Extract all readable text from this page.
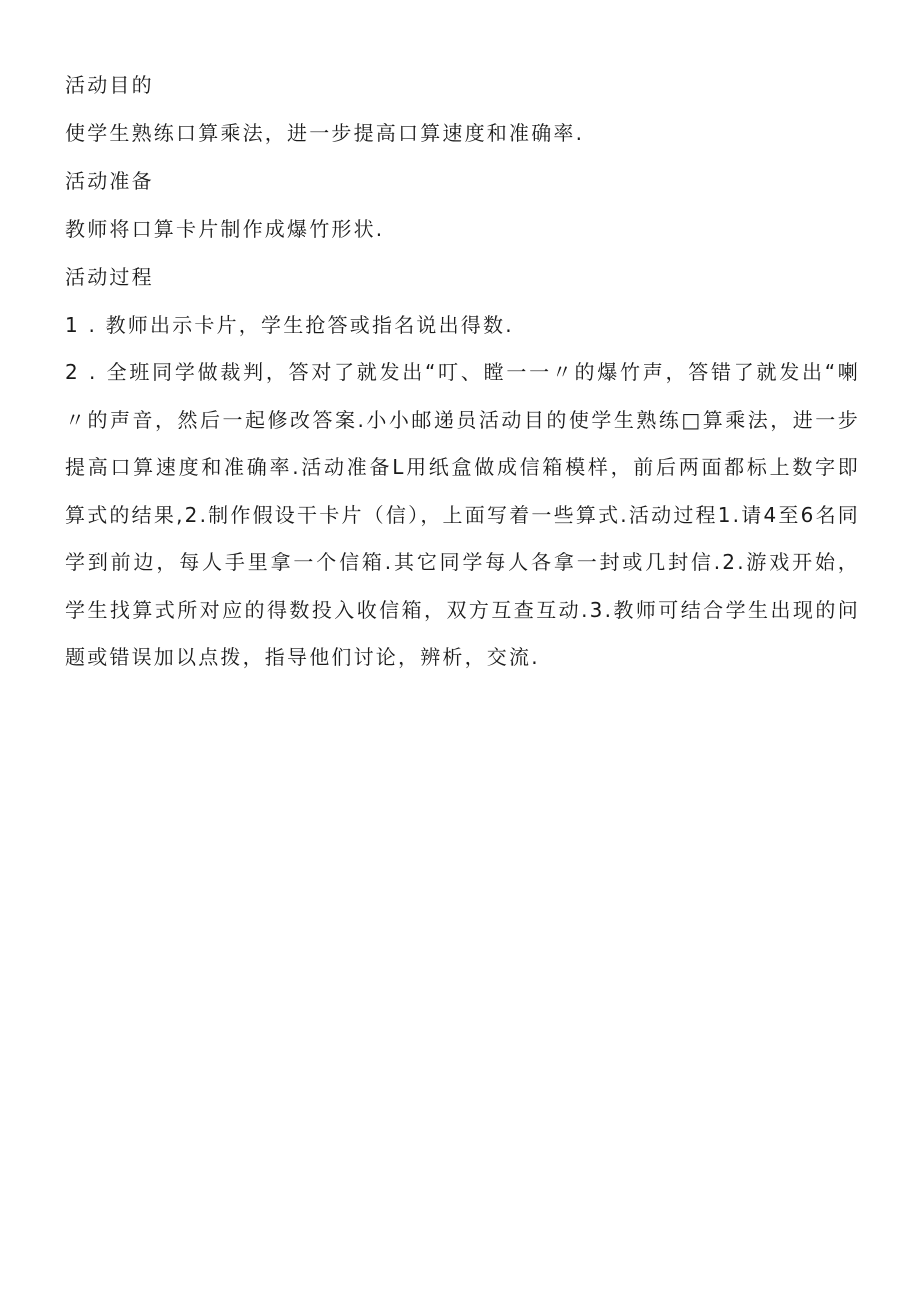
活动目的
使学生熟练口算乘法，进一步提高口算速度和准确率.
活动准备
教师将口算卡片制作成爆竹形状.
活动过程
1 . 教师出示卡片，学生抢答或指名说出得数.

2 . 全班同学做裁判，答对了就发出“叮、瞠一一〃的爆竹声，答错了就发出“喇〃的声音，然后一起修改答案.小小邮递员活动目的使学生熟练□算乘法，进一步提高口算速度和准确率.活动准备L用纸盒做成信箱模样，前后两面都标上数字即算式的结果,2.制作假设干卡片（信），上面写着一些算式.活动过程1.请4至6名同学到前边，每人手里拿一个信箱.其它同学每人各拿一封或几封信.2.游戏开始，学生找算式所对应的得数投入收信箱，双方互查互动.3.教师可结合学生出现的问题或错误加以点拨，指导他们讨论，辨析，交流.
